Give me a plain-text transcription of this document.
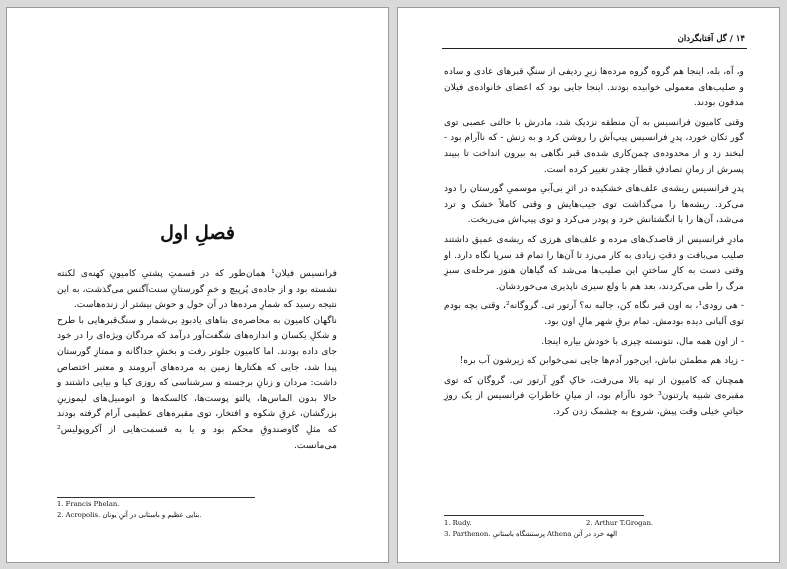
فصلِ اول

فرانسیس فیلان¹ همان‌طور که در قسمتِ پشتیِ کامیونِ کهنه‌ی لکنته نشسته بود و از جاده‌ی پُرپیچ و خمِ گورستانِ سنت‌آگنس می‌گذشت، به این نتیجه رسید که شمارِ مرده‌ها در آن حول و حوش بیشتر از زنده‌هاست.

ناگهان کامیون به محاصره‌ی بناهای یادبودِ بی‌شمار و سنگ‌قبرهایی با طرح و شکلِ یکسان و اندازه‌های شگفت‌آور درآمد که مردگان ویژه‌ای را در خود جای داده بودند. اما کامیون جلوتر رفت و بخشِ جداگانه و ممتازِ گورستان پیدا شد، جایی که هکتارها زمین به مرده‌های آبرومند و معتبر اختصاص داشت: مردان و زنانِ برجسته و سرشناسی که روزی کیا و بیایی داشتند و حالا بدون الماس‌ها، پالتو پوست‌ها، کالسکه‌ها و اتومبیل‌های لیموزینِ بزرگشان، غرقِ شکوه و افتخار، توی مقبره‌های عظیمی آرام گرفته بودند که مثلِ گاوصندوقِ محکم بود و یا به قسمت‌هایی از آکروپولیس² می‌مانست.

1. Francis Phelan.
2. Acropolis. بنایی عظیم و باستانی در آتنِ یونان.
۱۴ / گل آفتابگردان

و، آه، بله، اینجا هم گروه گروه مرده‌ها زیرِ ردیفی از سنگِ قبرهای عادی و ساده و صلیب‌های معمولی خوابیده بودند. اینجا جایی بود که اعضای خانواده‌ی فیلان مدفون بودند.

وقتی کامیون فرانسیس به آن منطقه نزدیک شد، مادرش با حالتی عصبی توی گور تکان خورد، پدرِ فرانسیس پیپ‌اَش را روشن کرد و به زنش - که ناآرام بود - لبخند زد و از محدوده‌ی چمن‌کاری شده‌ی قبر نگاهی به بیرون انداخت تا ببیند پسرش از زمانِ تصادفِ قطار چقدر تغییر کرده است.

پدرِ فرانسیس ریشه‌ی علف‌های خشکیده در اثرِ بی‌آبیِ موسمیِ گورستان را دود می‌کرد. ریشه‌ها را می‌گذاشت توی جیب‌هایش و وقتی کاملاً خشک و ترد می‌شد، آن‌ها را با انگشتانش خرد و پودر می‌کرد و توی پیپ‌اش می‌ریخت.

مادرِ فرانسیس از قاصدک‌های مرده و علف‌های هرزی که ریشه‌ی عمیق داشتند صلیب می‌بافت و دقتِ زیادی به کار می‌زد تا آن‌ها را تمام قد سرپا نگاه دارد. او وقتی دست به کارِ ساختنِ این صلیب‌ها می‌شد که گیاهان هنوز مرحله‌ی سبزِ مرگ را طی می‌کردند، بعد هم با ولع سیری ناپذیری می‌خوردشان.

- هی رودی¹، به اون قبر نگاه کن، جالبه نه؟ آرتور تی. گروگانه²، وقتی بچه بودم توی آلبانی دیده بودمش. تمام برقِ شهر مالِ اون بود.

- از اون همه مال، نتونسته چیزی با خودش بیاره اینجا.

- زیاد هم مطمئن نباش، این‌جور آدم‌ها جایی نمی‌خوابن که زیرشون آب بره!

همچنان که کامیون از تپه بالا می‌رفت، خاکِ گورِ آرتور تی. گروگان که توی مقبره‌ی شبیه پارتنون³ خود ناآرام بود، از میانِ خاطراتِ فرانسیس از یک روزِ حیاتیِ خیلی وقت پیش، شروع به چشمک زدن کرد.

1. Rudy.	2. Arthur T.Grogan.
3. Parthenon. پرستشگاه باستانیِ Athena الهه خرد در آتن
